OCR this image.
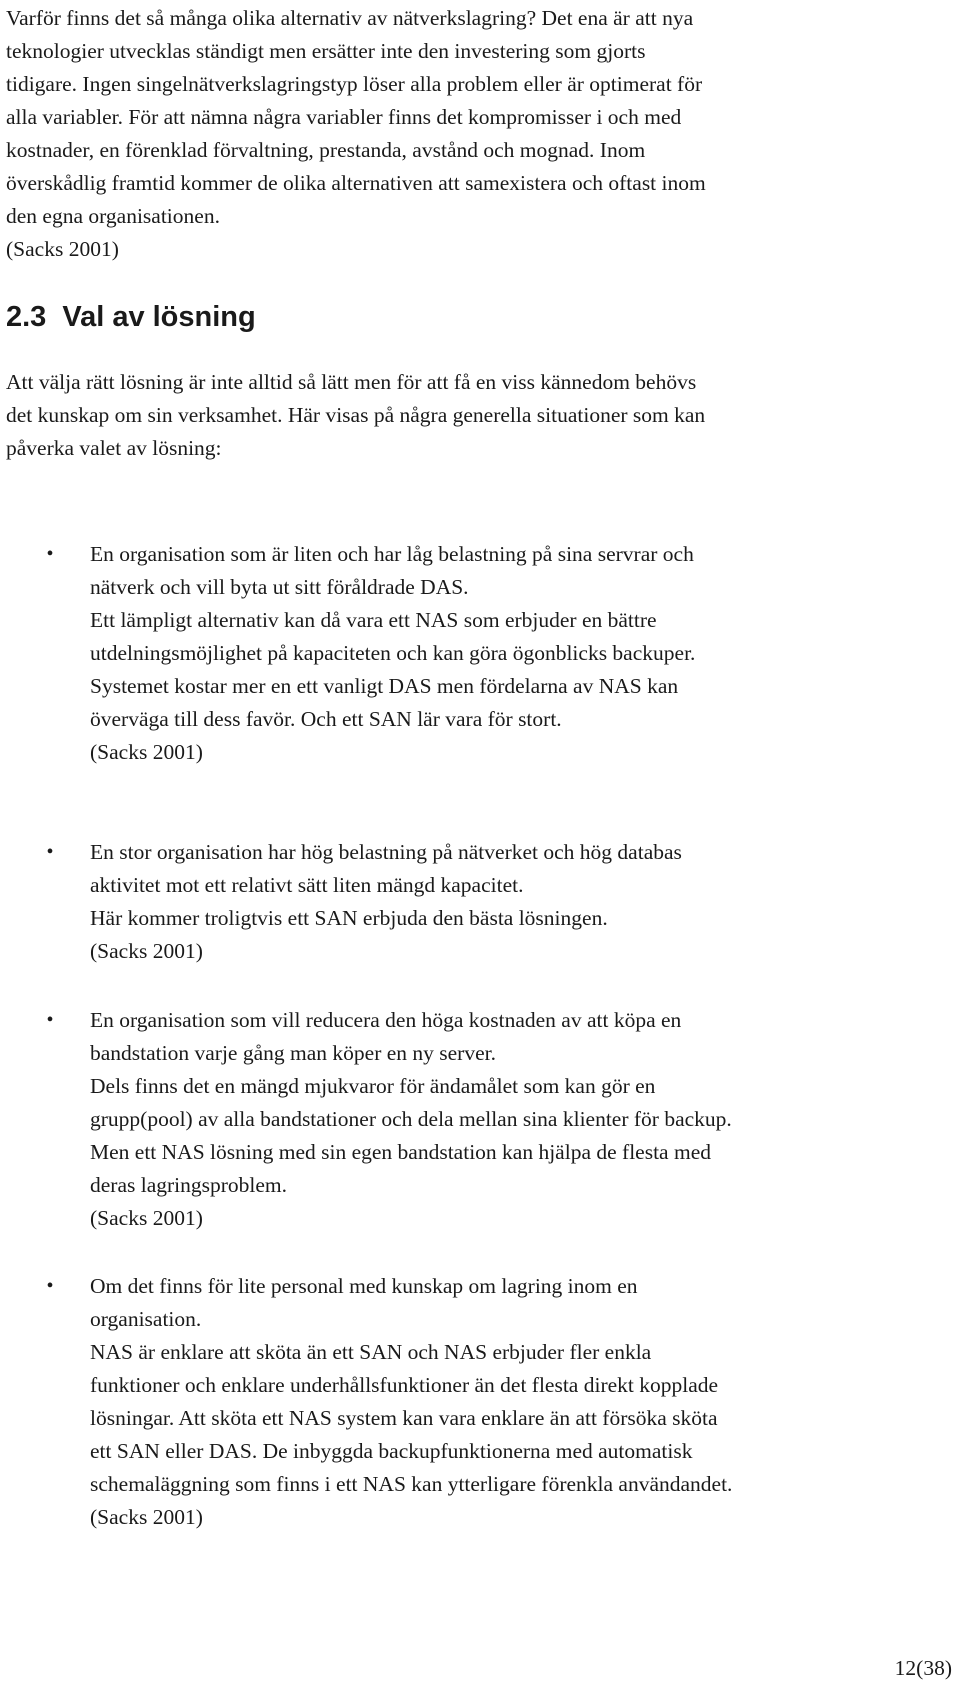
Varför finns det så många olika alternativ av nätverkslagring? Det ena är att nya
teknologier utvecklas ständigt men ersätter inte den investering som gjorts
tidigare. Ingen singelnätverkslagringstyp löser alla problem eller är optimerat för
alla variabler. För att nämna några variabler finns det kompromisser i och med
kostnader, en förenklad förvaltning, prestanda, avstånd och mognad. Inom
överskådlig framtid kommer de olika alternativen att samexistera och oftast inom
den egna organisationen.
(Sacks 2001)
2.3 Val av lösning
Att välja rätt lösning är inte alltid så lätt men för att få en viss kännedom behövs
det kunskap om sin verksamhet. Här visas på några generella situationer som kan
påverka valet av lösning:
•	En organisation som är liten och har låg belastning på sina servrar och
nätverk och vill byta ut sitt föråldrade DAS.
Ett lämpligt alternativ kan då vara ett NAS som erbjuder en bättre
utdelningsmöjlighet på kapaciteten och kan göra ögonblicks backuper.
Systemet kostar mer en ett vanligt DAS men fördelarna av NAS kan
överväga till dess favör. Och ett SAN lär vara för stort.
(Sacks 2001)
•	En stor organisation har hög belastning på nätverket och hög databas
aktivitet mot ett relativt sätt liten mängd kapacitet.
Här kommer troligtvis ett SAN erbjuda den bästa lösningen.
(Sacks 2001)
•	En organisation som vill reducera den höga kostnaden av att köpa en
bandstation varje gång man köper en ny server.
Dels finns det en mängd mjukvaror för ändamålet som kan gör en
grupp(pool) av alla bandstationer och dela mellan sina klienter för backup.
Men ett NAS lösning med sin egen bandstation kan hjälpa de flesta med
deras lagringsproblem.
(Sacks 2001)
•	Om det finns för lite personal med kunskap om lagring inom en
organisation.
NAS är enklare att sköta än ett SAN och NAS erbjuder fler enkla
funktioner och enklare underhållsfunktioner än det flesta direkt kopplade
lösningar. Att sköta ett NAS system kan vara enklare än att försöka sköta
ett SAN eller DAS. De inbyggda backupfunktionerna med automatisk
schemaläggning som finns i ett NAS kan ytterligare förenkla användandet.
(Sacks 2001)
12(38)
